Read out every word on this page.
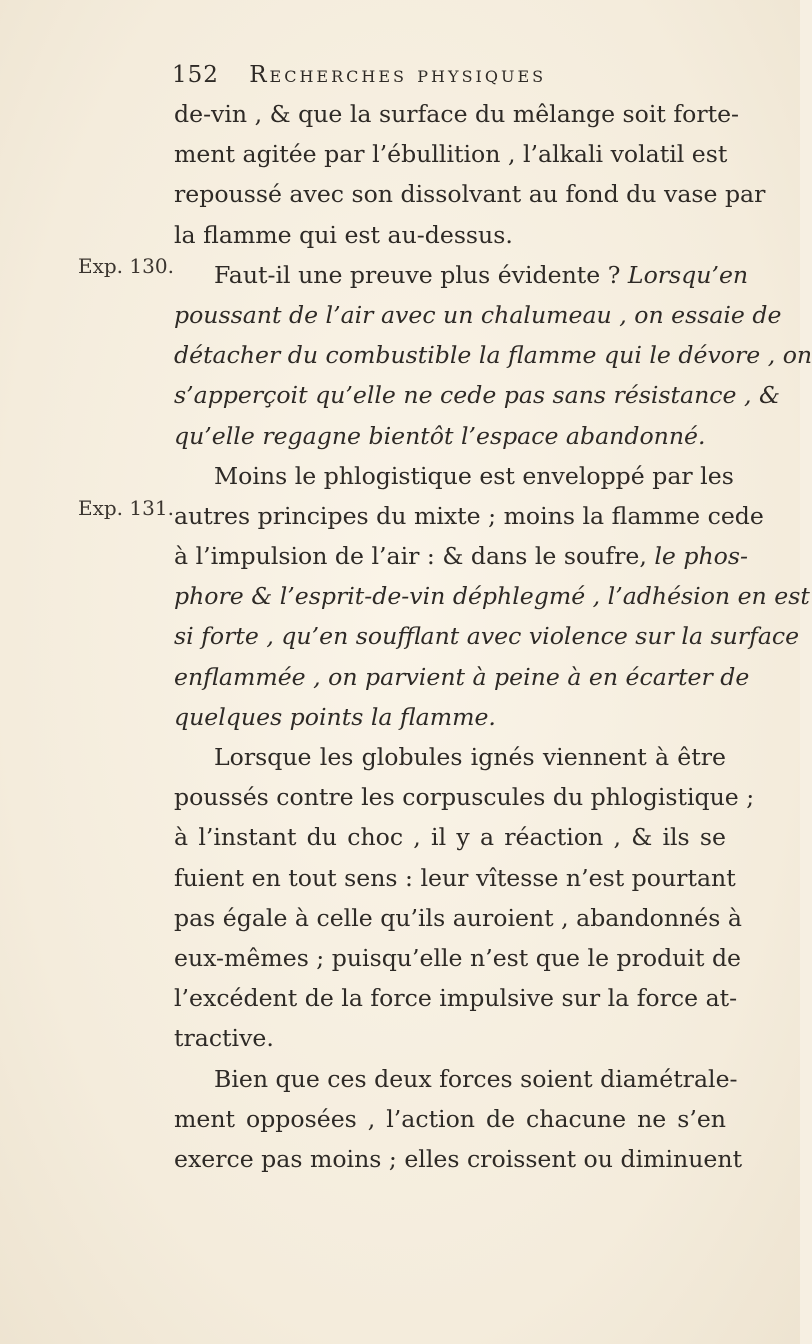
152 Recherches physiques
Exp. 130.
Exp. 131.
de-vin , & que la surface du mêlange soit forte-
ment agitée par l’ébullition , l’alkali volatil est
repoussé avec son dissolvant au fond du vase par
la flamme qui est au-dessus.
Faut-il une preuve plus évidente ? Lorsqu’en
poussant de l’air avec un chalumeau , on essaie de
détacher du combustible la flamme qui le dévore , on
s’apperçoit qu’elle ne cede pas sans résistance , &
qu’elle regagne bientôt l’espace abandonné.
Moins le phlogistique est enveloppé par les
autres principes du mixte ; moins la flamme cede
à l’impulsion de l’air : & dans le soufre, le phos-
phore & l’esprit-de-vin déphlegmé , l’adhésion en est
si forte , qu’en soufflant avec violence sur la surface
enflammée , on parvient à peine à en écarter de
quelques points la flamme.
Lorsque les globules ignés viennent à être
poussés contre les corpuscules du phlogistique ;
à l’instant du choc , il y a réaction , & ils se
fuient en tout sens : leur vîtesse n’est pourtant
pas égale à celle qu’ils auroient , abandonnés à
eux-mêmes ; puisqu’elle n’est que le produit de
l’excédent de la force impulsive sur la force at-
tractive.
Bien que ces deux forces soient diamétrale-
ment opposées , l’action de chacune ne s’en
exerce pas moins ; elles croissent ou diminuent
